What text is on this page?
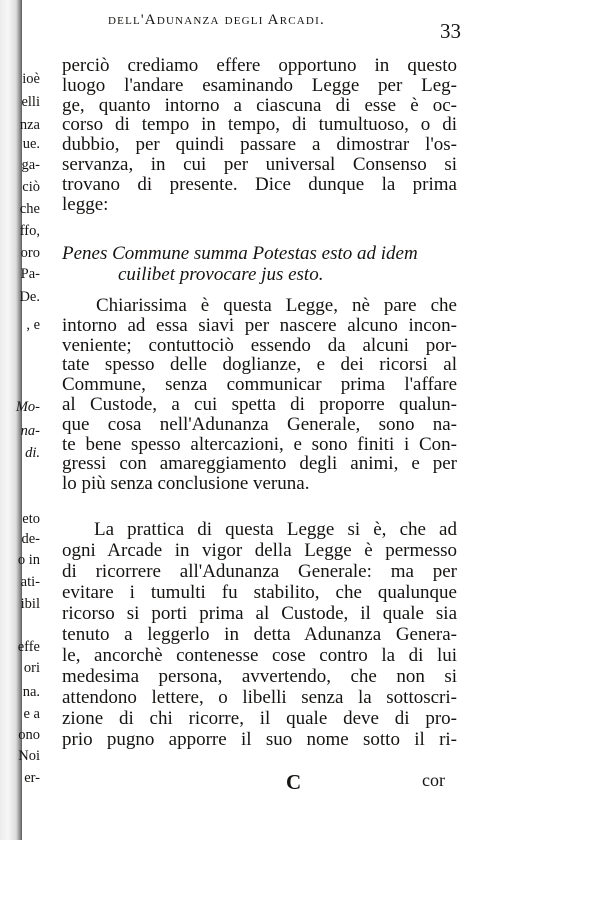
ioè
elli
nza
ue.
ga-
ciò
che
ffo,
oro
Pa-
De.
, e
Mo-
na-
di.
eto
de-
o in
ati-
ibil
effe
ori
na.
e a
ono
Noi
er-
dell'Adunanza degli Arcadi.	33
perciò crediamo effere opportuno in questo
luogo l'andare esaminando Legge per Leg-
ge, quanto intorno a ciascuna di esse è oc-
corso di tempo in tempo, di tumultuoso, o di
dubbio, per quindi passare a dimostrar l'os-
servanza, in cui per universal Consenso si
trovano di presente. Dice dunque la prima
legge:
Penes Commune summa Potestas esto ad idem
cuilibet provocare jus esto.
Chiarissima è questa Legge, nè pare che
intorno ad essa siavi per nascere alcuno incon-
veniente; contuttociò essendo da alcuni por-
tate spesso delle doglianze, e dei ricorsi al
Commune, senza communicar prima l'affare
al Custode, a cui spetta di proporre qualun-
que cosa nell'Adunanza Generale, sono na-
te bene spesso altercazioni, e sono finiti i Con-
gressi con amareggiamento degli animi, e per
lo più senza conclusione veruna.
La prattica di questa Legge si è, che ad
ogni Arcade in vigor della Legge è permesso
di ricorrere all'Adunanza Generale: ma per
evitare i tumulti fu stabilito, che qualunque
ricorso si porti prima al Custode, il quale sia
tenuto a leggerlo in detta Adunanza Genera-
le, ancorchè contenesse cose contro la di lui
medesima persona, avvertendo, che non si
attendono lettere, o libelli senza la sottoscri-
zione di chi ricorre, il quale deve di pro-
prio pugno apporre il suo nome sotto il ri-
C	cor
